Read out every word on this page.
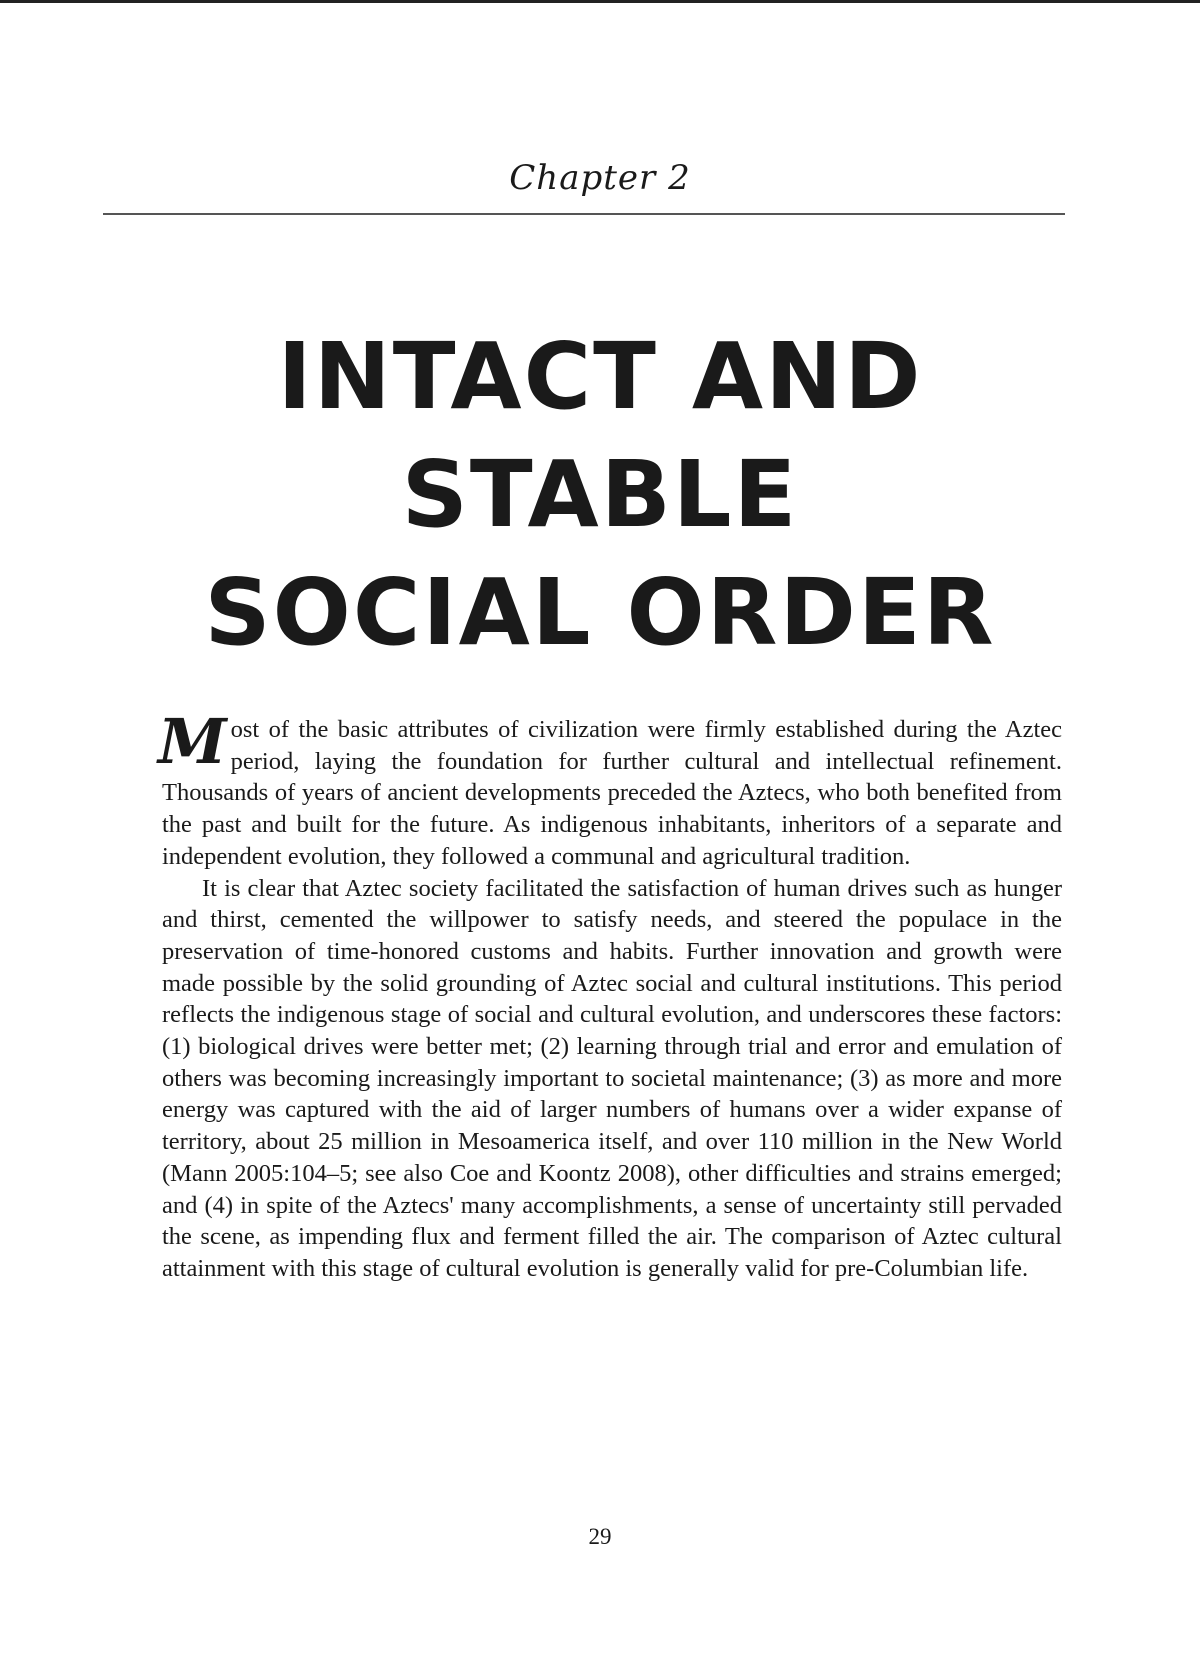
Chapter 2
INTACT AND STABLE
SOCIAL ORDER

Most of the basic attributes of civilization were firmly established during the Aztec period, laying the foundation for further cultural and intellectual refinement. Thousands of years of ancient developments preceded the Aztecs, who both benefited from the past and built for the future. As indigenous inhabitants, inheritors of a separate and independent evolution, they followed a communal and agricultural tradition.

It is clear that Aztec society facilitated the satisfaction of human drives such as hunger and thirst, cemented the willpower to satisfy needs, and steered the populace in the preservation of time-honored customs and habits. Further innovation and growth were made possible by the solid grounding of Aztec social and cultural institutions. This period reflects the indigenous stage of social and cultural evolution, and underscores these factors: (1) biological drives were better met; (2) learning through trial and error and emulation of others was becoming increasingly important to societal maintenance; (3) as more and more energy was captured with the aid of larger numbers of humans over a wider expanse of territory, about 25 million in Mesoamerica itself, and over 110 million in the New World (Mann 2005:104–5; see also Coe and Koontz 2008), other difficulties and strains emerged; and (4) in spite of the Aztecs' many accomplishments, a sense of uncertainty still pervaded the scene, as impending flux and ferment filled the air. The comparison of Aztec cultural attainment with this stage of cultural evolution is generally valid for pre-Columbian life.

29
